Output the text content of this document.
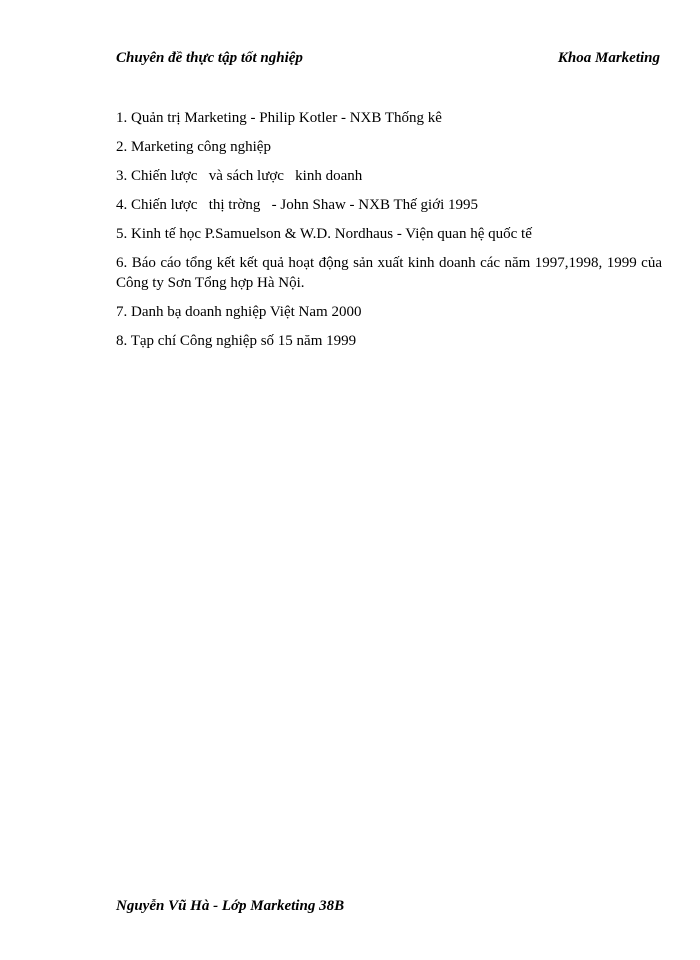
Chuyên đề thực tập tốt nghiệp	Khoa Marketing
1. Quản trị Marketing - Philip Kotler - NXB Thống kê
2. Marketing công nghiệp
3. Chiến lược   và sách lược   kinh doanh
4. Chiến lược   thị trờng   - John Shaw - NXB Thế giới 1995
5. Kinh tế học P.Samuelson & W.D. Nordhaus - Viện quan hệ quốc tế
6. Báo cáo tổng kết kết quả hoạt động sản xuất kinh doanh các năm 1997,1998, 1999 của Công ty Sơn Tổng hợp Hà Nội.
7. Danh bạ doanh nghiệp Việt Nam 2000
8. Tạp chí Công nghiệp số 15 năm 1999
Nguyễn Vũ Hà - Lớp Marketing 38B
